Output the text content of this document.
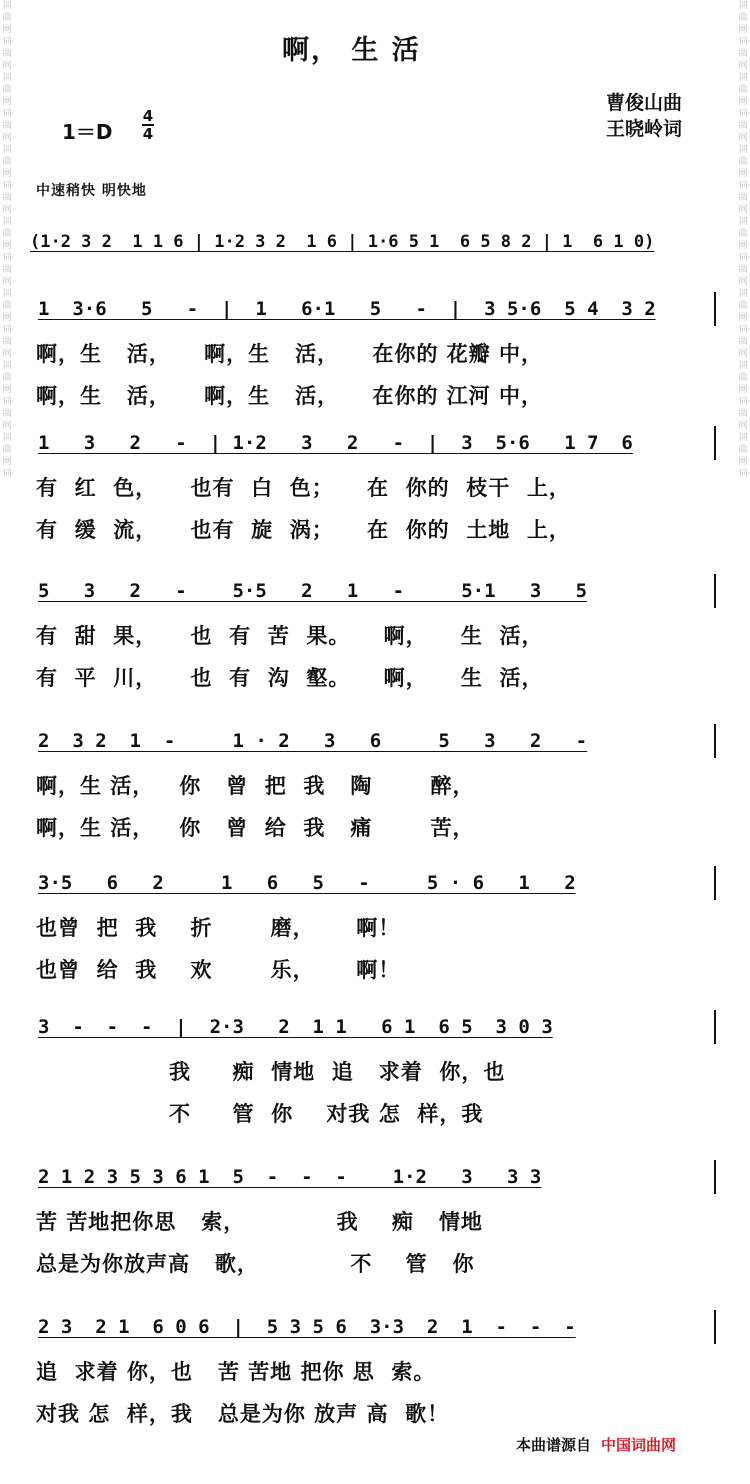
词
曲
网
词
曲
网
词
曲
网
词
曲
网
词
曲
网
词
曲
网
词
曲
网
词
曲
网
词
曲
网
词
曲
网
词
曲
网
词
曲
网
词
曲
网
词
词
曲
网
词
曲
网
词
曲
网
词
曲
网
词
曲
网
词
曲
网
词
曲
网
词
曲
网
词
曲
网
词
曲
网
词
曲
网
词
曲
网
词
曲
网
词
啊， 生 活
曹俊山曲
王晓岭词
1＝D
4
4
中速稍快 明快地
(1·2 3 2  1 1 6 | 1·2 3 2  1 6 | 1·6 5 1  6 5 8 2 | 1  6 1 0)
1  3·6   5   -  |  1   6·1   5   -  |  3 5·6  5 4  3 2
啊，生   活，    啊，生   活，    在你的 花瓣 中，
啊，生   活，    啊，生   活，    在你的 江河 中，
1   3   2   -  | 1·2   3   2   -  |  3  5·6   1 7  6
有  红  色，    也有  白  色；    在  你的  枝干  上，
有  缓  流，    也有  旋  涡；    在  你的  土地  上，
5   3   2   -    5·5   2   1   -     5·1   3   5
有  甜  果，    也  有  苦  果。    啊，    生  活，
有  平  川，    也  有  沟  壑。    啊，    生  活，
2  3 2  1  -     1 · 2   3   6     5   3   2   -
啊，生 活，   你   曾  把  我   陶       醉，
啊，生 活，   你   曾  给  我   痛       苦，
3·5   6   2     1   6   5   -     5 · 6   1   2
也曾  把  我    折       磨，     啊！
也曾  给  我    欢       乐，     啊！
3  -  -  -  |  2·3   2  1 1   6 1  6 5  3 0 3
我     痴  情地  追   求着  你，也
不     管  你    对我 怎  样，我
2 1 2 3 5 3 6 1  5  -  -  -    1·2   3   3 3
苦 苦地把你思   索，           我    痴   情地
总是为你放声高   歌，           不    管   你
2 3  2 1  6 0 6  |  5 3 5 6  3·3  2  1  -  -  -
追  求着 你，也   苦 苦地 把你 思  索。
对我 怎  样，我   总是为你 放声 高  歌！
本曲谱源自 中国词曲网
